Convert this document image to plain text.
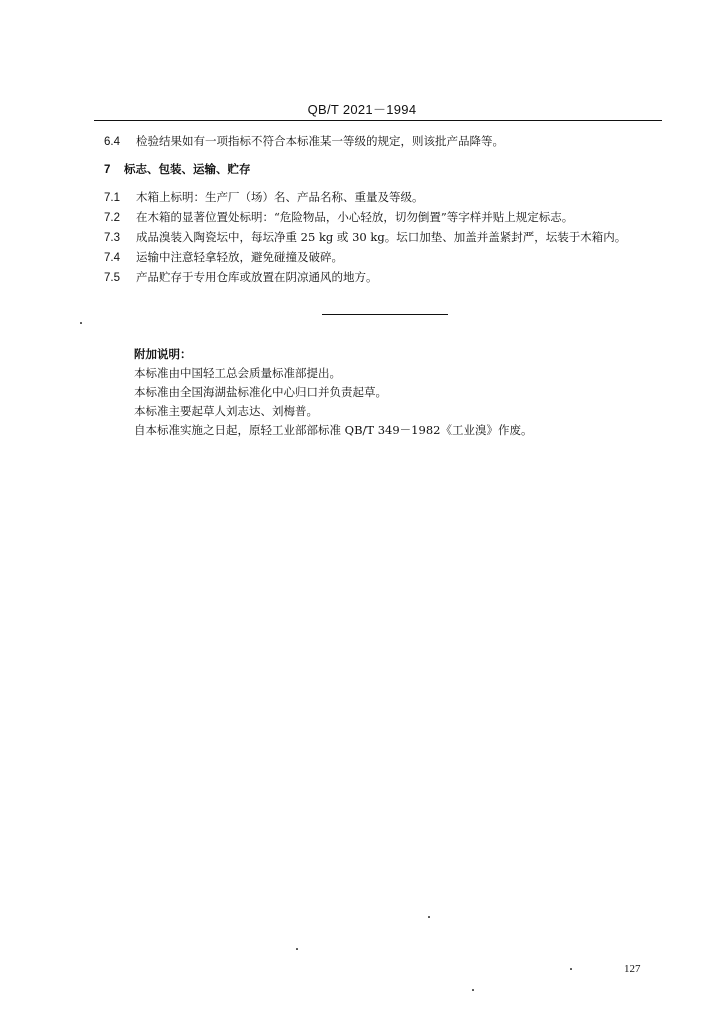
QB/T 2021－1994
6.4 检验结果如有一项指标不符合本标准某一等级的规定，则该批产品降等。
7 标志、包装、运输、贮存
7.1 木箱上标明：生产厂（场）名、产品名称、重量及等级。
7.2 在木箱的显著位置处标明：“危险物品，小心轻放，切勿倒置”等字样并贴上规定标志。
7.3 成品溴装入陶瓷坛中，每坛净重 25 kg 或 30 kg。坛口加垫、加盖并盖紧封严，坛装于木箱内。
7.4 运输中注意轻拿轻放，避免碰撞及破碎。
7.5 产品贮存于专用仓库或放置在阴凉通风的地方。
附加说明：
本标准由中国轻工总会质量标准部提出。
本标准由全国海湖盐标准化中心归口并负责起草。
本标准主要起草人刘志达、刘梅普。
自本标准实施之日起，原轻工业部部标准 QB/T 349－1982《工业溴》作废。
127
